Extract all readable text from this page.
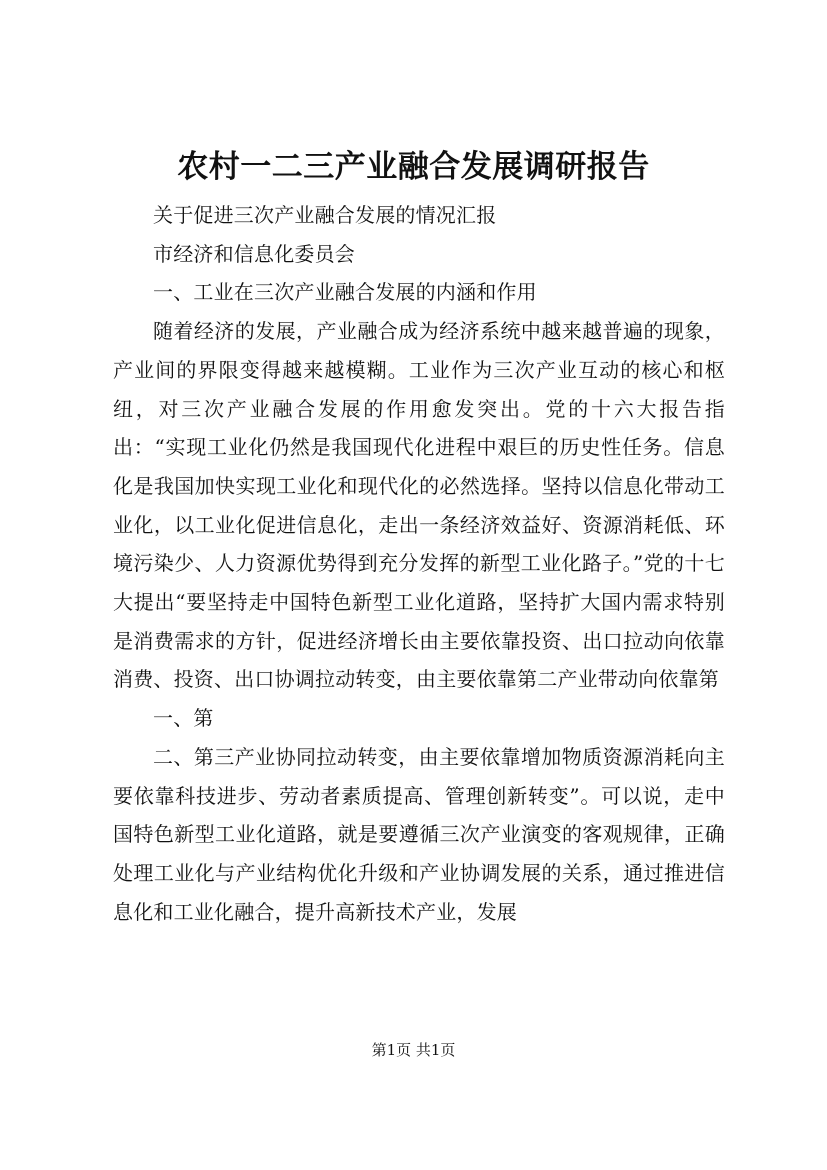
农村一二三产业融合发展调研报告

关于促进三次产业融合发展的情况汇报

市经济和信息化委员会

一、工业在三次产业融合发展的内涵和作用

随着经济的发展，产业融合成为经济系统中越来越普遍的现象，产业间的界限变得越来越模糊。工业作为三次产业互动的核心和枢纽，对三次产业融合发展的作用愈发突出。党的十六大报告指出：“实现工业化仍然是我国现代化进程中艰巨的历史性任务。信息化是我国加快实现工业化和现代化的必然选择。坚持以信息化带动工业化，以工业化促进信息化，走出一条经济效益好、资源消耗低、环境污染少、人力资源优势得到充分发挥的新型工业化路子。”党的十七大提出“要坚持走中国特色新型工业化道路，坚持扩大国内需求特别是消费需求的方针，促进经济增长由主要依靠投资、出口拉动向依靠消费、投资、出口协调拉动转变，由主要依靠第二产业带动向依靠第

一、第

二、第三产业协同拉动转变，由主要依靠增加物质资源消耗向主要依靠科技进步、劳动者素质提高、管理创新转变”。可以说，走中国特色新型工业化道路，就是要遵循三次产业演变的客观规律，正确处理工业化与产业结构优化升级和产业协调发展的关系，通过推进信息化和工业化融合，提升高新技术产业，发展

第1页 共1页
